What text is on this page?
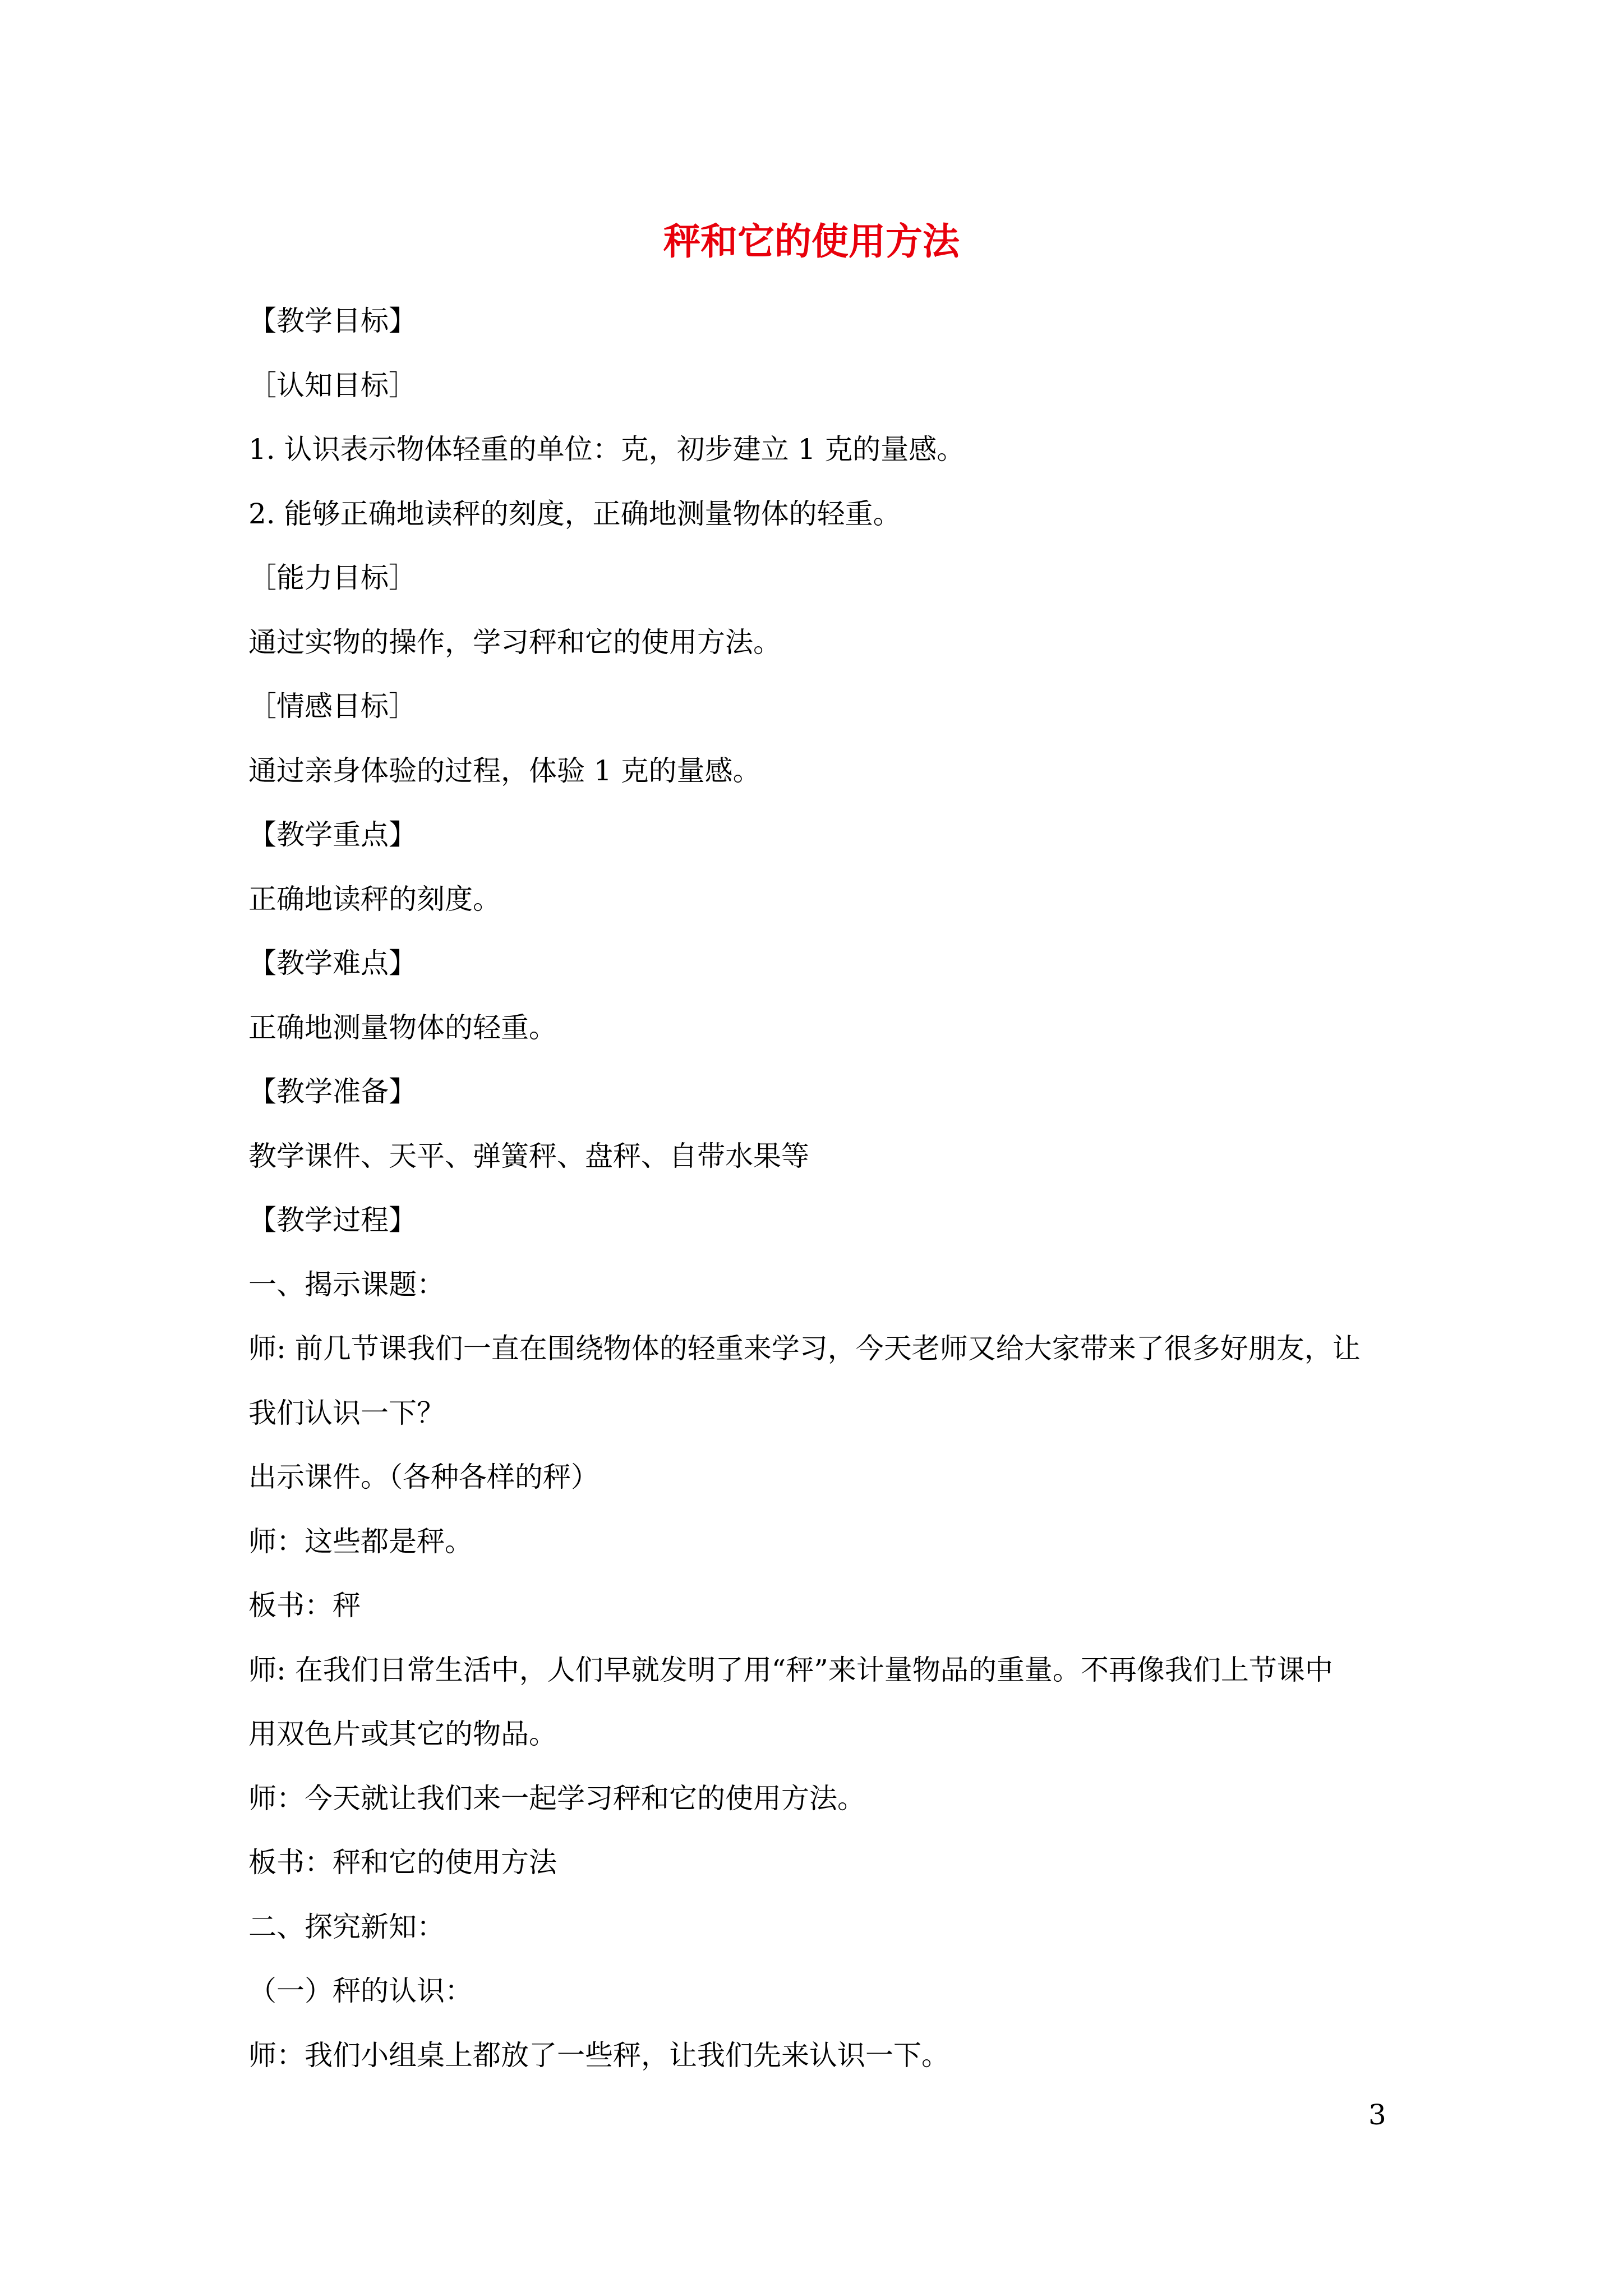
秤和它的使用方法
【教学目标】
［认知目标］
1. 认识表示物体轻重的单位：克，初步建立 1 克的量感。
2. 能够正确地读秤的刻度，正确地测量物体的轻重。
［能力目标］
通过实物的操作，学习秤和它的使用方法。
［情感目标］
通过亲身体验的过程，体验 1 克的量感。
【教学重点】
正确地读秤的刻度。
【教学难点】
正确地测量物体的轻重。
【教学准备】
教学课件、天平、弹簧秤、盘秤、自带水果等
【教学过程】
一、揭示课题：
师: 前几节课我们一直在围绕物体的轻重来学习，今天老师又给大家带来了很多好朋友，让
我们认识一下？
出示课件。（各种各样的秤）
师：这些都是秤。
板书：秤
师: 在我们日常生活中，人们早就发明了用“秤”来计量物品的重量。不再像我们上节课中
用双色片或其它的物品。
师：今天就让我们来一起学习秤和它的使用方法。
板书：秤和它的使用方法
二、探究新知：
（一）秤的认识：
师：我们小组桌上都放了一些秤，让我们先来认识一下。
3
